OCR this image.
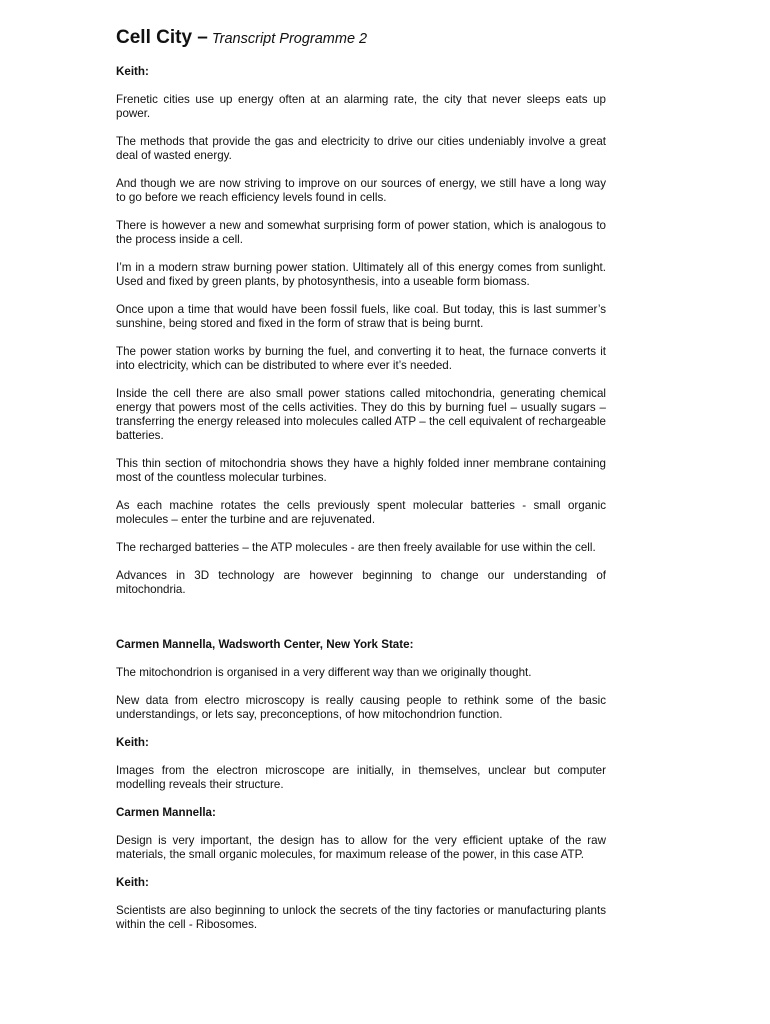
Cell City – Transcript Programme 2
Keith:

Frenetic cities use up energy often at an alarming rate, the city that never sleeps eats up power.

The methods that provide the gas and electricity to drive our cities undeniably involve a great deal of wasted energy.

And though we are now striving to improve on our sources of energy, we still have a long way to go before we reach efficiency levels found in cells.

There is however a new and somewhat surprising form of power station, which is analogous to the process inside a cell.

I’m in a modern straw burning power station. Ultimately all of this energy comes from sunlight. Used and fixed by green plants, by photosynthesis, into a useable form biomass.

Once upon a time that would have been fossil fuels, like coal. But today, this is last summer’s sunshine, being stored and fixed in the form of straw that is being burnt.

The power station works by burning the fuel, and converting it to heat, the furnace converts it into electricity, which can be distributed to where ever it’s needed.

Inside the cell there are also small power stations called mitochondria, generating chemical energy that powers most of the cells activities. They do this by burning fuel – usually sugars – transferring the energy released into molecules called ATP – the cell equivalent of rechargeable batteries.

This thin section of mitochondria shows they have a highly folded inner membrane containing most of the countless molecular turbines.

As each machine rotates the cells previously spent molecular batteries - small organic molecules – enter the turbine and are rejuvenated.

The recharged batteries – the ATP molecules - are then freely available for use within the cell.

Advances in 3D technology are however beginning to change our understanding of mitochondria.

Carmen Mannella, Wadsworth Center, New York State:

The mitochondrion is organised in a very different way than we originally thought.

New data from electro microscopy is really causing people to rethink some of the basic understandings, or lets say, preconceptions, of how mitochondrion function.

Keith:

Images from the electron microscope are initially, in themselves, unclear but computer modelling reveals their structure.

Carmen Mannella:

Design is very important, the design has to allow for the very efficient uptake of the raw materials, the small organic molecules, for maximum release of the power, in this case ATP.

Keith:

Scientists are also beginning to unlock the secrets of the tiny factories or manufacturing plants within the cell - Ribosomes.
